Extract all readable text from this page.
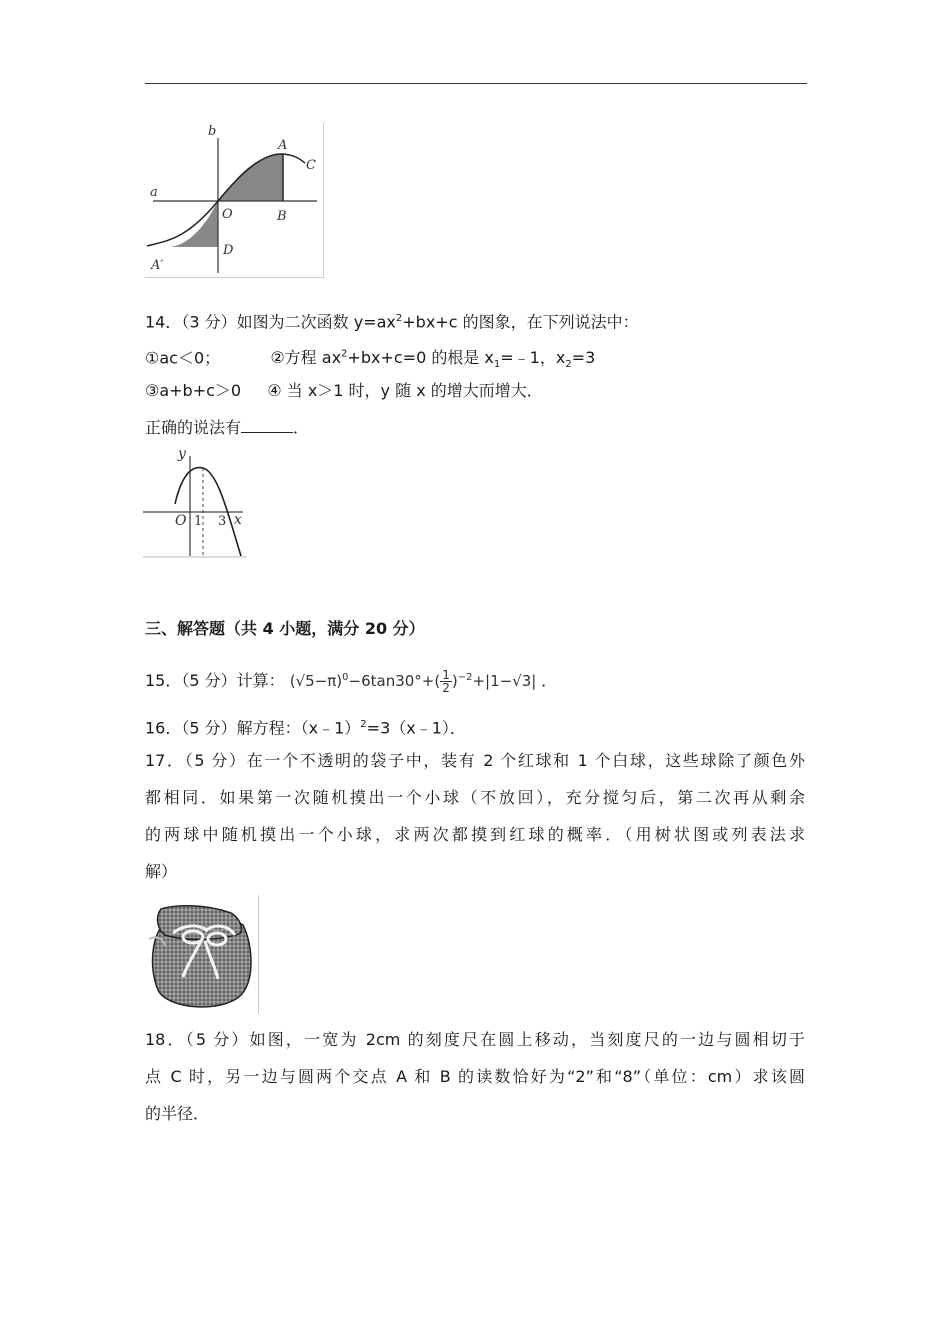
b
a
A
C
O	B
D
A′
14．（3 分）如图为二次函数 $y=ax^2+bx+c$ 的图象，在下列说法中：
①ac＜0；	②方程 $ax^2+bx+c=0$ 的根是 $x_1=﹣1$，$x_2=3$
③a+b+c＞0 ④ 当 x＞1 时，y 随 x 的增大而增大．
正确的说法有	．
y
O 1 3 x
三、解答题（共 4 小题，满分 20 分）
15．（5 分）计算： $(√5-\pi)^0-6\tan 30^\circ+( \frac{1}{2} )^{-2}+|1-√3|$ ．
16．（5 分）解方程：（x﹣1）$^2$=3（x﹣1）．
17．（5 分）在一个不透明的袋子中，装有 2 个红球和 1 个白球，这些球除了颜色外
都相同．如果第一次随机摸出一个小球（不放回），充分搅匀后，第二次再从剩余
的两球中随机摸出一个小球，求两次都摸到红球的概率．（用树状图或列表法求
解）
18．（5 分）如图，一宽为 2cm 的刻度尺在圆上移动，当刻度尺的一边与圆相切于
点 C 时，另一边与圆两个交点 A 和 B 的读数恰好为“2”和“8”（单位：cm）求该圆
的半径．
